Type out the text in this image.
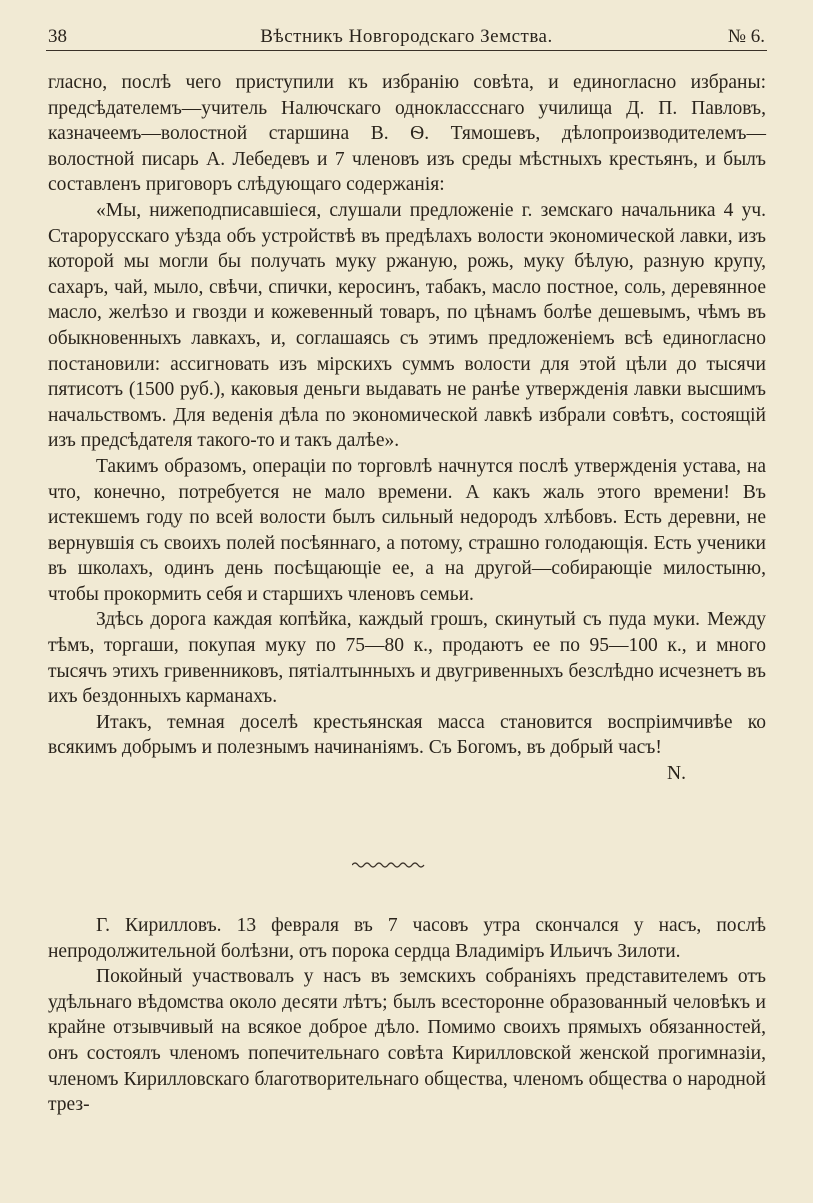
38	Вѣстникъ Новгородскаго Земства.	№ 6.

гласно, послѣ чего приступили къ избранію совѣта, и единогласно избраны: предсѣдателемъ—учитель Налючскаго одноклассснаго училища Д. П. Павловъ, казначеемъ—волостной старшина В. Ѳ. Тямошевъ, дѣлопроизводителемъ—волостной писарь А. Лебедевъ и 7 членовъ изъ среды мѣстныхъ крестьянъ, и былъ составленъ приговоръ слѣдующаго содержанія:

«Мы, нижеподписавшіеся, слушали предложеніе г. земскаго начальника 4 уч. Старорусскаго уѣзда объ устройствѣ въ предѣлахъ волости экономической лавки, изъ которой мы могли бы получать муку ржаную, рожь, муку бѣлую, разную крупу, сахаръ, чай, мыло, свѣчи, спички, керосинъ, табакъ, масло постное, соль, деревянное масло, желѣзо и гвозди и кожевенный товаръ, по цѣнамъ болѣе дешевымъ, чѣмъ въ обыкновенныхъ лавкахъ, и, соглашаясь съ этимъ предложеніемъ всѣ единогласно постановили: ассигновать изъ мірскихъ суммъ волости для этой цѣли до тысячи пятисотъ (1500 руб.), каковыя деньги выдавать не ранѣе утвержденія лавки высшимъ начальствомъ. Для веденія дѣла по экономической лавкѣ избрали совѣтъ, состоящій изъ предсѣдателя такого-то и такъ далѣе».

Такимъ образомъ, операціи по торговлѣ начнутся послѣ утвержденія устава, на что, конечно, потребуется не мало времени. А какъ жаль этого времени! Въ истекшемъ году по всей волости былъ сильный недородъ хлѣбовъ. Есть деревни, не вернувшія съ своихъ полей посѣяннаго, а потому, страшно голодающія. Есть ученики въ школахъ, одинъ день посѣщающіе ее, а на другой—собирающіе милостыню, чтобы прокормить себя и старшихъ членовъ семьи.

Здѣсь дорога каждая копѣйка, каждый грошъ, скинутый съ пуда муки. Между тѣмъ, торгаши, покупая муку по 75—80 к., продаютъ ее по 95—100 к., и много тысячъ этихъ гривенниковъ, пятіалтынныхъ и двугривенныхъ безслѣдно исчезнетъ въ ихъ бездонныхъ карманахъ.

Итакъ, темная доселѣ крестьянская масса становится воспріимчивѣе ко всякимъ добрымъ и полезнымъ начинаніямъ. Съ Богомъ, въ добрый часъ!

N.

Г. Кирилловъ. 13 февраля въ 7 часовъ утра скончался у насъ, послѣ непродолжительной болѣзни, отъ порока сердца Владиміръ Ильичъ Зилоти.

Покойный участвовалъ у насъ въ земскихъ собраніяхъ представителемъ отъ удѣльнаго вѣдомства около десяти лѣтъ; былъ всесторонне образованный человѣкъ и крайне отзывчивый на всякое доброе дѣло. Помимо своихъ прямыхъ обязанностей, онъ состоялъ членомъ попечительнаго совѣта Кирилловской женской прогимназіи, членомъ Кирилловскаго благотворительнаго общества, членомъ общества о народной трез-
